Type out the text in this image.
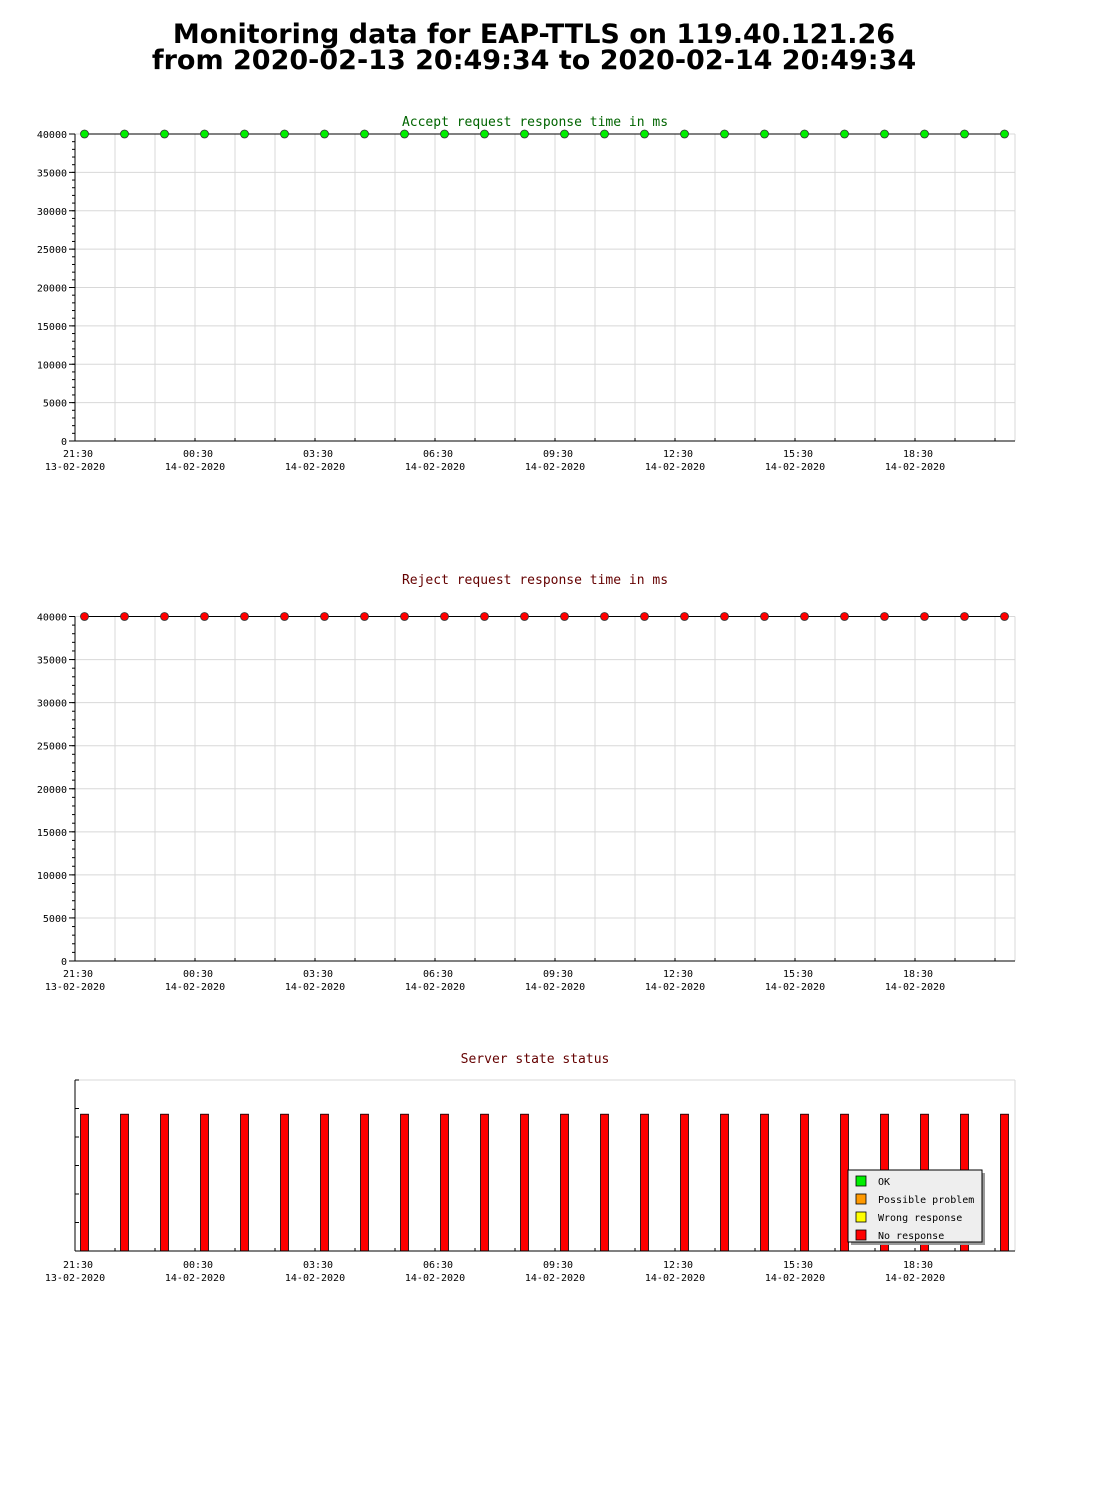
Monitoring data for EAP-TTLS on 119.40.121.26
from 2020-02-13 20:49:34 to 2020-02-14 20:49:34
Accept request response time in ms
Reject request response time in ms
Server state status
0
5000
10000
15000
20000
25000
30000
35000
40000
21:30
13-02-2020
00:30
14-02-2020
03:30
14-02-2020
06:30
14-02-2020
09:30
14-02-2020
12:30
14-02-2020
15:30
14-02-2020
18:30
14-02-2020
0
5000
10000
15000
20000
25000
30000
35000
40000
21:30
13-02-2020
00:30
14-02-2020
03:30
14-02-2020
06:30
14-02-2020
09:30
14-02-2020
12:30
14-02-2020
15:30
14-02-2020
18:30
14-02-2020
21:30
13-02-2020
00:30
14-02-2020
03:30
14-02-2020
06:30
14-02-2020
09:30
14-02-2020
12:30
14-02-2020
15:30
14-02-2020
18:30
14-02-2020
OK
Possible problem
Wrong response
No response
